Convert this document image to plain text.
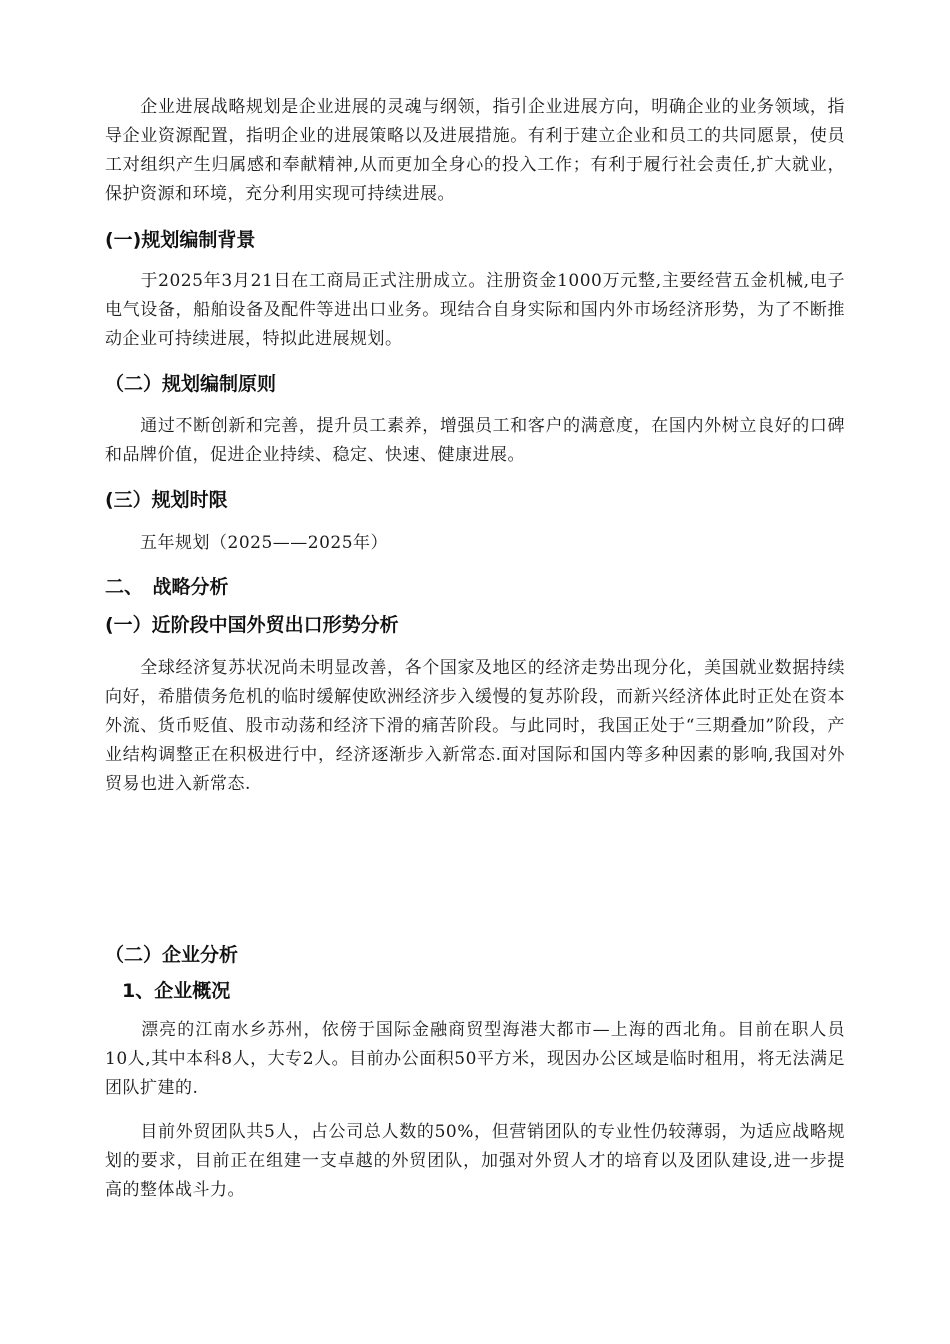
　　企业进展战略规划是企业进展的灵魂与纲领，指引企业进展方向，明确企业的业务领域，指导企业资源配置，指明企业的进展策略以及进展措施。有利于建立企业和员工的共同愿景，使员工对组织产生归属感和奉献精神,从而更加全身心的投入工作；有利于履行社会责任,扩大就业，保护资源和环境，充分利用实现可持续进展。

(一)规划编制背景

　　于2025年3月21日在工商局正式注册成立。注册资金1000万元整,主要经营五金机械,电子电气设备，船舶设备及配件等进出口业务。现结合自身实际和国内外市场经济形势，为了不断推动企业可持续进展，特拟此进展规划。

（二）规划编制原则

　　通过不断创新和完善，提升员工素养，增强员工和客户的满意度，在国内外树立良好的口碑和品牌价值，促进企业持续、稳定、快速、健康进展。

(三）规划时限

　　五年规划（2025——2025年）

二、　战略分析
(一）近阶段中国外贸出口形势分析

　　全球经济复苏状况尚未明显改善，各个国家及地区的经济走势出现分化，美国就业数据持续向好，希腊债务危机的临时缓解使欧洲经济步入缓慢的复苏阶段，而新兴经济体此时正处在资本外流、货币贬值、股市动荡和经济下滑的痛苦阶段。与此同时，我国正处于“三期叠加”阶段，产业结构调整正在积极进行中，经济逐渐步入新常态.面对国际和国内等多种因素的影响,我国对外贸易也进入新常态.

（二）企业分析
1、企业概况

　　漂亮的江南水乡苏州，依傍于国际金融商贸型海港大都市—上海的西北角。目前在职人员10人,其中本科8人，大专2人。目前办公面积50平方米，现因办公区域是临时租用，将无法满足团队扩建的.

　　目前外贸团队共5人，占公司总人数的50%，但营销团队的专业性仍较薄弱，为适应战略规划的要求，目前正在组建一支卓越的外贸团队，加强对外贸人才的培育以及团队建设,进一步提高的整体战斗力。
